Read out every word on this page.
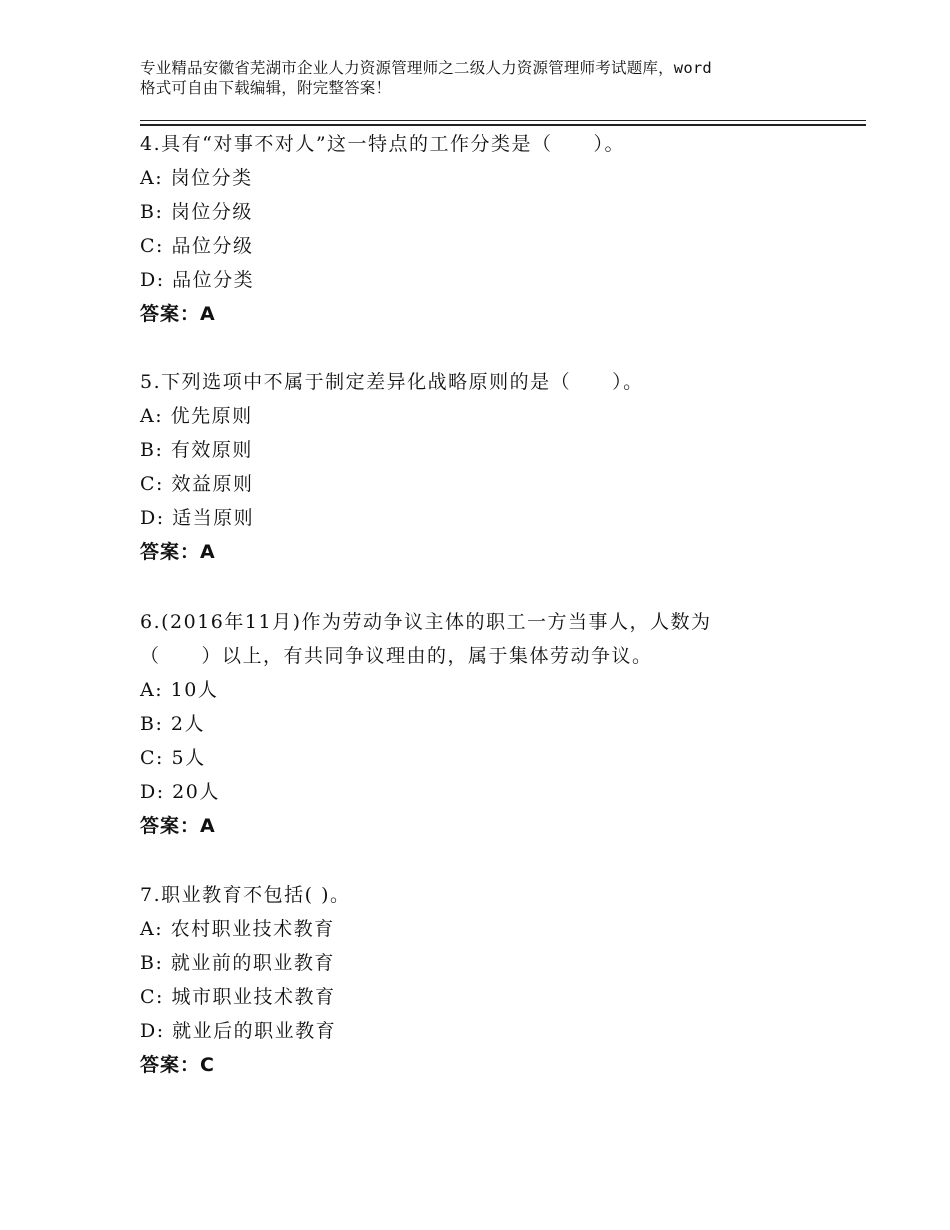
专业精品安徽省芜湖市企业人力资源管理师之二级人力资源管理师考试题库，word
格式可自由下载编辑，附完整答案！
4.具有“对事不对人”这一特点的工作分类是（　　）。
A: 岗位分类
B: 岗位分级
C: 品位分级
D: 品位分类
答案：A
5.下列选项中不属于制定差异化战略原则的是（　　）。
A: 优先原则
B: 有效原则
C: 效益原则
D: 适当原则
答案：A
6.(2016年11月)作为劳动争议主体的职工一方当事人，人数为
（　　）以上，有共同争议理由的，属于集体劳动争议。
A: 10人
B: 2人
C: 5人
D: 20人
答案：A
7.职业教育不包括( )。
A: 农村职业技术教育
B: 就业前的职业教育
C: 城市职业技术教育
D: 就业后的职业教育
答案：C
